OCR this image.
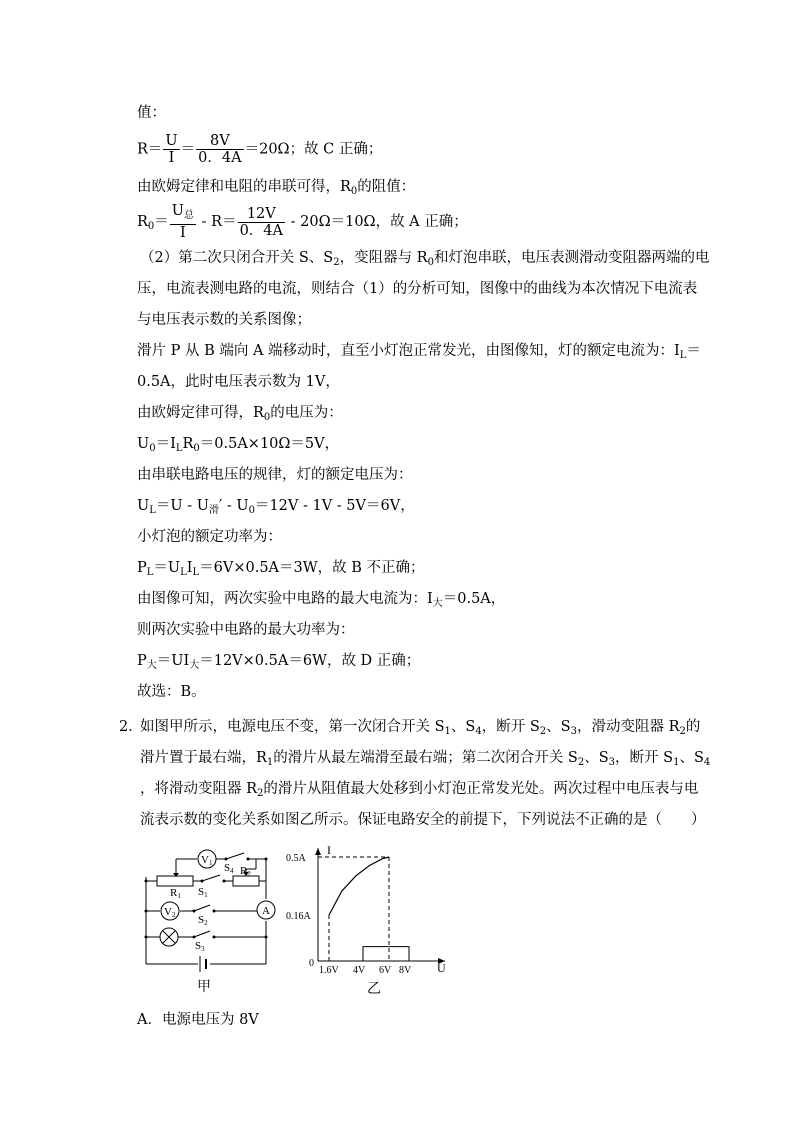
值：
$R= \frac{U}{I} = \frac{8V}{0.4A} =20\Omega$；故 C 正确；
由欧姆定律和电阻的串联可得，$R_0$的阻值：
$R_0= \frac{U_总}{I} - R= \frac{12V}{0.4A} - 20\Omega=10\Omega$，故 A 正确；
（2）第二次只闭合开关 S、$S_2$，变阻器与 $R_0$和灯泡串联，电压表测滑动变阻器两端的电
压，电流表测电路的电流，则结合（1）的分析可知，图像中的曲线为本次情况下电流表
与电压表示数的关系图像；
滑片 P 从 B 端向 A 端移动时，直至小灯泡正常发光，由图像知，灯的额定电流为：$I_L=$
0.5A，此时电压表示数为 1V，
由欧姆定律可得，$R_0$的电压为：
$U_0=I_LR_0=0.5A\times 10\Omega=5V$，
由串联电路电压的规律，灯的额定电压为：
$U_L=U - U_滑' - U_0=12V - 1V - 5V=6V$，
小灯泡的额定功率为：
$P_L=U_LI_L=6V\times 0.5A=3W$，故 B 不正确；
由图像可知，两次实验中电路的最大电流为：$I_大=0.5A$，
则两次实验中电路的最大功率为：
$P_大=UI_大=12V\times 0.5A=6W$，故 D 正确；
故选：B。
2．
如图甲所示，电源电压不变，第一次闭合开关 $S_1$、$S_4$，断开 $S_2$、$S_3$，滑动变阻器 $R_2$的
滑片置于最右端，$R_1$的滑片从最左端滑至最右端；第二次闭合开关 $S_2$、$S_3$，断开 $S_1$、$S_4$
，将滑动变阻器 $R_2$的滑片从阻值最大处移到小灯泡正常发光处。两次过程中电压表与电
流表示数的变化关系如图乙所示。保证电路安全的前提下，下列说法不正确的是（　　）
V1
V2	A
S4
R1 S1
R2
S2
S3
甲
I
U
0
1.6V 4V 6V 8V
0.16A
0.5A
乙
A．电源电压为 8V
